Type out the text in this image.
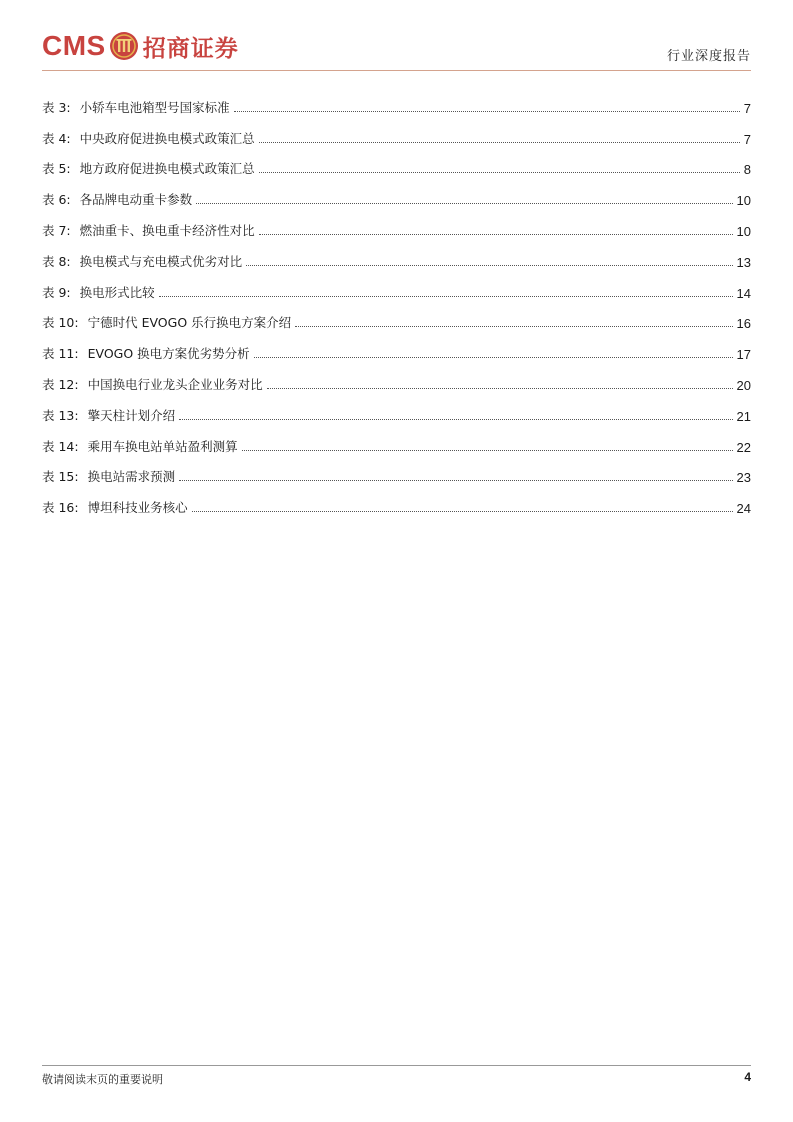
CMS 招商证券	行业深度报告
表 3: 小轿车电池箱型号国家标准	7
表 4: 中央政府促进换电模式政策汇总	7
表 5: 地方政府促进换电模式政策汇总	8
表 6: 各品牌电动重卡参数	10
表 7: 燃油重卡、换电重卡经济性对比	10
表 8: 换电模式与充电模式优劣对比	13
表 9: 换电形式比较	14
表 10: 宁德时代 EVOGO 乐行换电方案介绍	16
表 11: EVOGO 换电方案优劣势分析	17
表 12: 中国换电行业龙头企业业务对比	20
表 13: 擎天柱计划介绍	21
表 14: 乘用车换电站单站盈利测算	22
表 15: 换电站需求预测	23
表 16: 博坦科技业务核心	24
敬请阅读末页的重要说明	4
